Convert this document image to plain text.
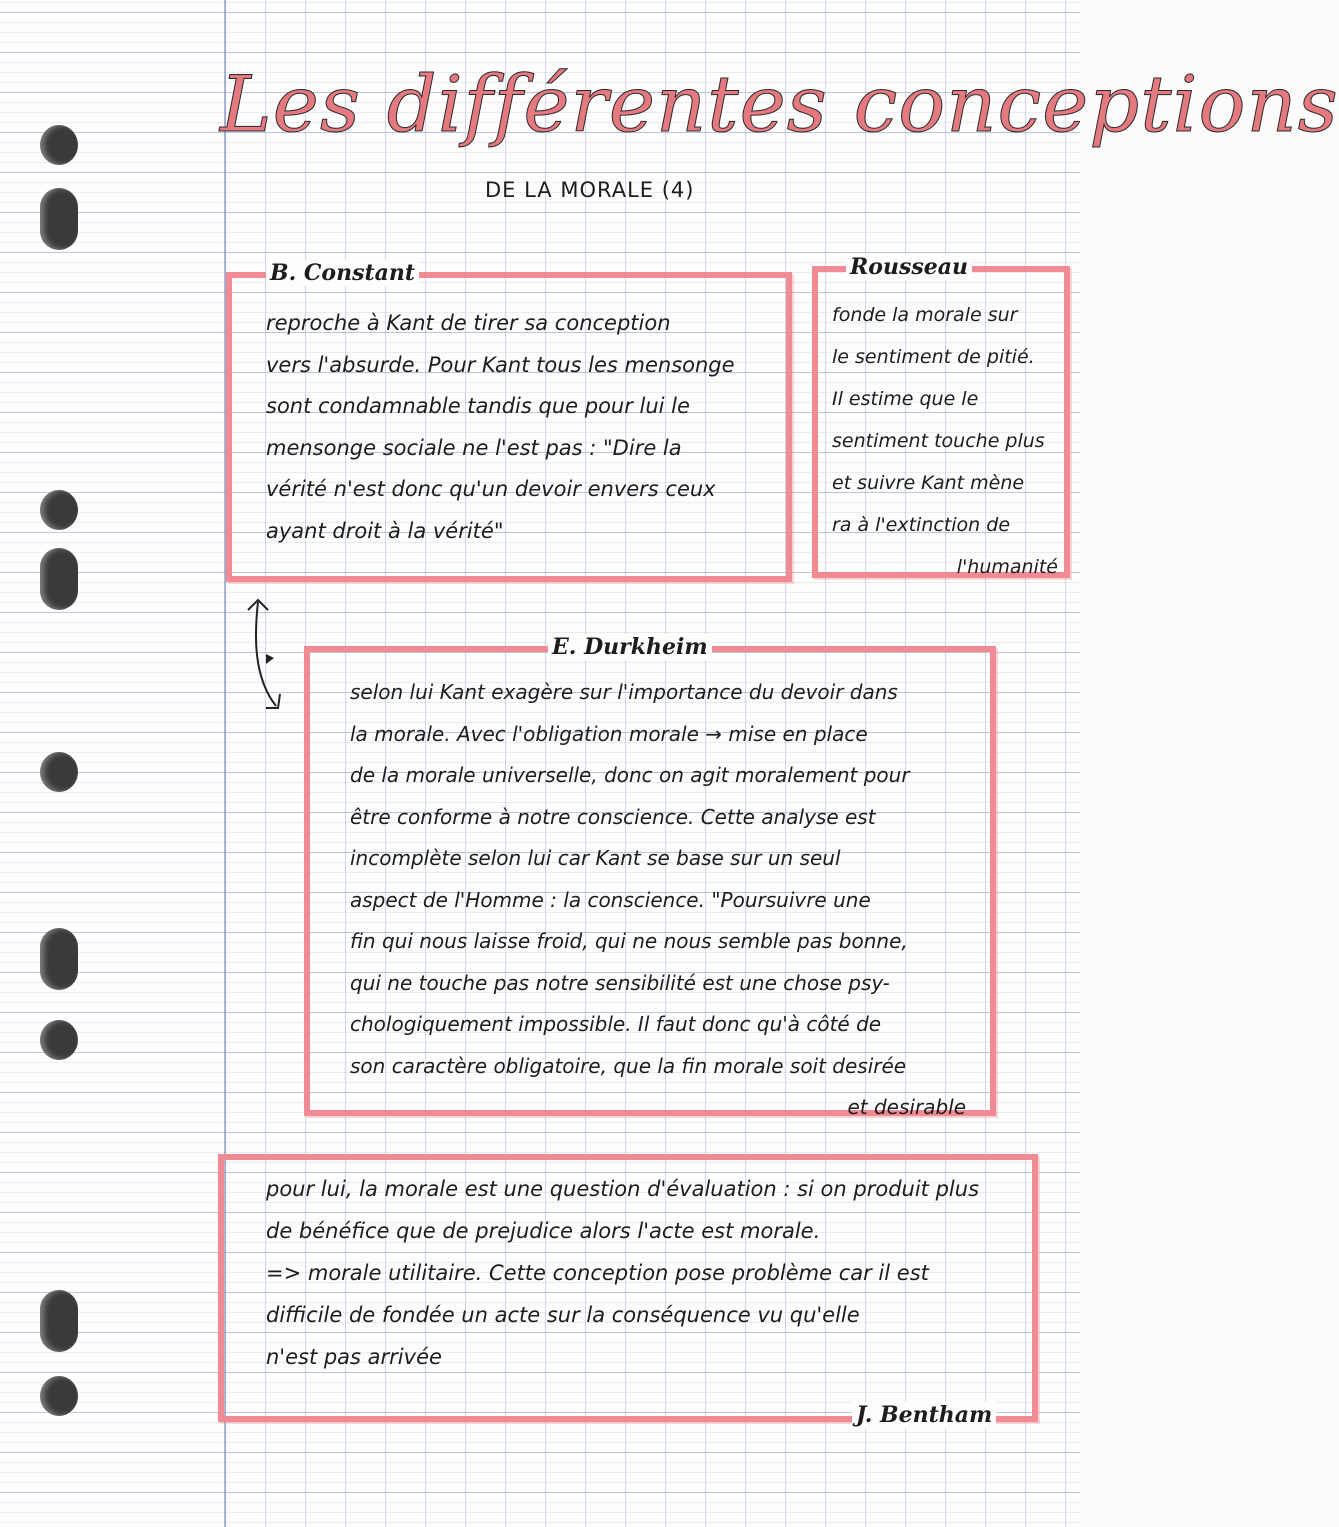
Les différentes conceptions
DE LA MORALE (4)
B. Constant
reproche à Kant de tirer sa conception
vers l'absurde. Pour Kant tous les mensonge
sont condamnable tandis que pour lui le
mensonge sociale ne l'est pas : "Dire la
vérité n'est donc qu'un devoir envers ceux
ayant droit à la vérité"
Rousseau
fonde la morale sur
le sentiment de pitié.
Il estime que le
sentiment touche plus
et suivre Kant mène
ra à l'extinction de
l'humanité
E. Durkheim
selon lui Kant exagère sur l'importance du devoir dans
la morale. Avec l'obligation morale → mise en place
de la morale universelle, donc on agit moralement pour
être conforme à notre conscience. Cette analyse est
incomplète selon lui car Kant se base sur un seul
aspect de l'Homme : la conscience. "Poursuivre une
fin qui nous laisse froid, qui ne nous semble pas bonne,
qui ne touche pas notre sensibilité est une chose psy-
chologiquement impossible. Il faut donc qu'à côté de
son caractère obligatoire, que la fin morale soit desirée
et desirable
pour lui, la morale est une question d'évaluation : si on produit plus
de bénéfice que de prejudice alors l'acte est morale.
=> morale utilitaire. Cette conception pose problème car il est
difficile de fondée un acte sur la conséquence vu qu'elle
n'est pas arrivée
J. Bentham
